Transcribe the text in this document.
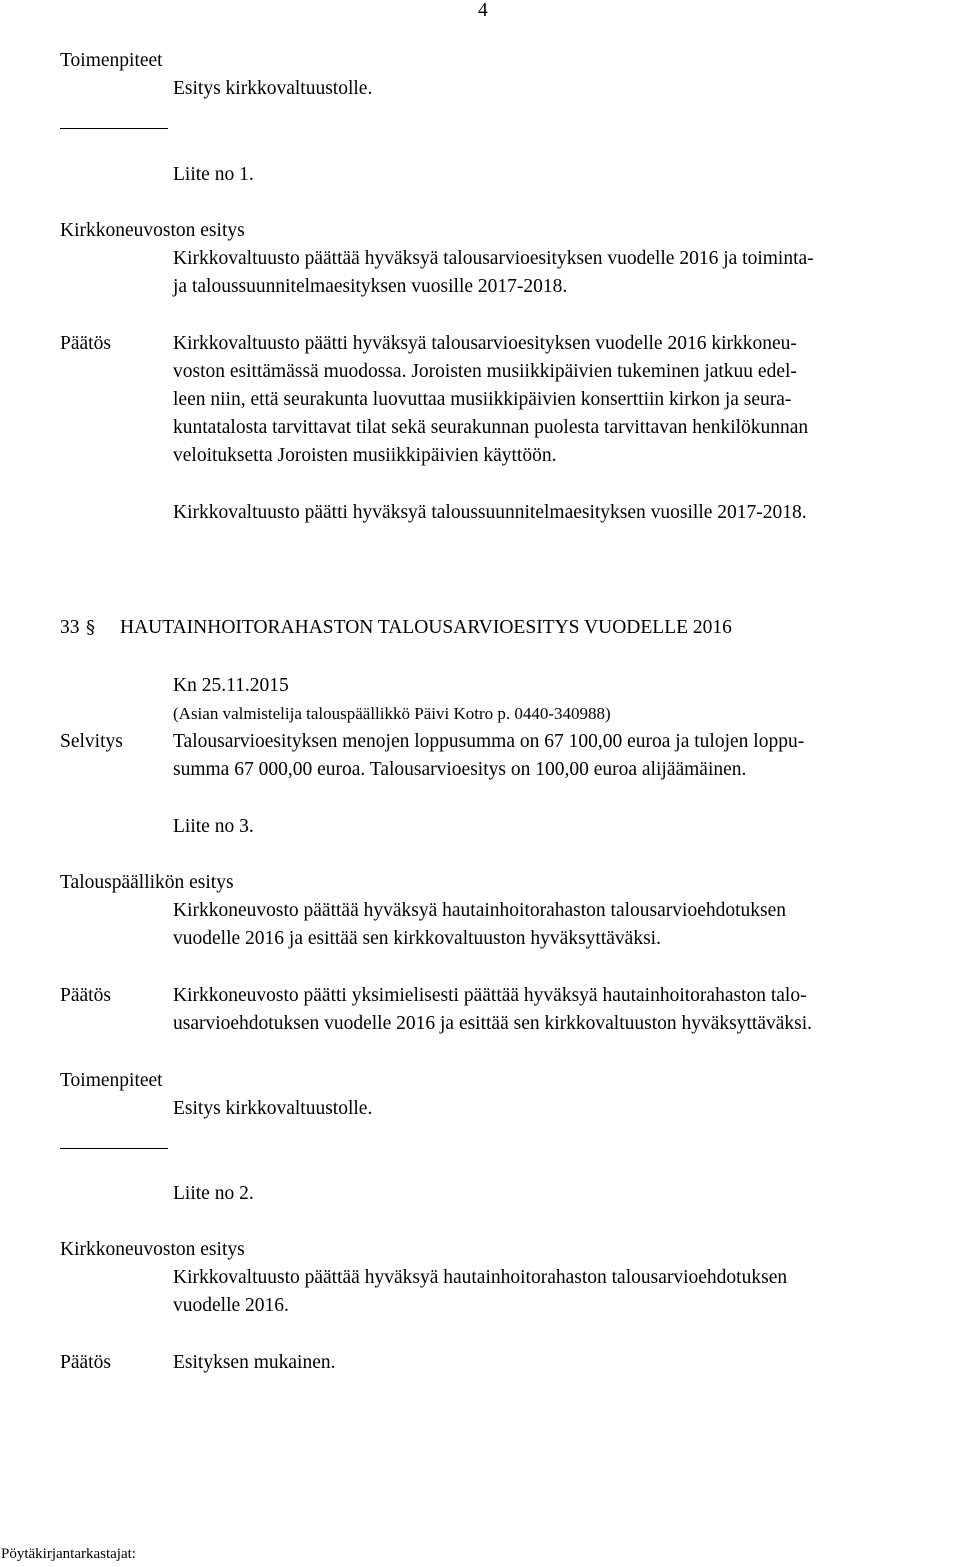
4
Toimenpiteet
Esitys kirkkovaltuustolle.
Liite no 1.
Kirkkoneuvoston esitys
Kirkkovaltuusto päättää hyväksyä talousarvioesityksen vuodelle 2016 ja toiminta-
ja taloussuunnitelmaesityksen vuosille 2017-2018.
Päätös	Kirkkovaltuusto päätti hyväksyä talousarvioesityksen vuodelle 2016 kirkkoneu-
voston esittämässä muodossa. Joroisten musiikkipäivien tukeminen jatkuu edel-
leen niin, että seurakunta luovuttaa musiikkipäivien konserttiin kirkon ja seura-
kuntatalosta tarvittavat tilat sekä seurakunnan puolesta tarvittavan henkilökunnan
veloituksetta Joroisten musiikkipäivien käyttöön.
Kirkkovaltuusto päätti hyväksyä taloussuunnitelmaesityksen vuosille 2017-2018.
33 § HAUTAINHOITORAHASTON TALOUSARVIOESITYS VUODELLE 2016
Kn 25.11.2015
(Asian valmistelija talouspäällikkö Päivi Kotro p. 0440-340988)
Selvitys	Talousarvioesityksen menojen loppusumma on 67 100,00 euroa ja tulojen loppu-
summa 67 000,00 euroa. Talousarvioesitys on 100,00 euroa alijäämäinen.
Liite no 3.
Talouspäällikön esitys
Kirkkoneuvosto päättää hyväksyä hautainhoitorahaston talousarvioehdotuksen
vuodelle 2016 ja esittää sen kirkkovaltuuston hyväksyttäväksi.
Päätös	Kirkkoneuvosto päätti yksimielisesti päättää hyväksyä hautainhoitorahaston talo-
usarvioehdotuksen vuodelle 2016 ja esittää sen kirkkovaltuuston hyväksyttäväksi.
Toimenpiteet
Esitys kirkkovaltuustolle.
Liite no 2.
Kirkkoneuvoston esitys
Kirkkovaltuusto päättää hyväksyä hautainhoitorahaston talousarvioehdotuksen
vuodelle 2016.
Päätös	Esityksen mukainen.
Pöytäkirjantarkastajat:
